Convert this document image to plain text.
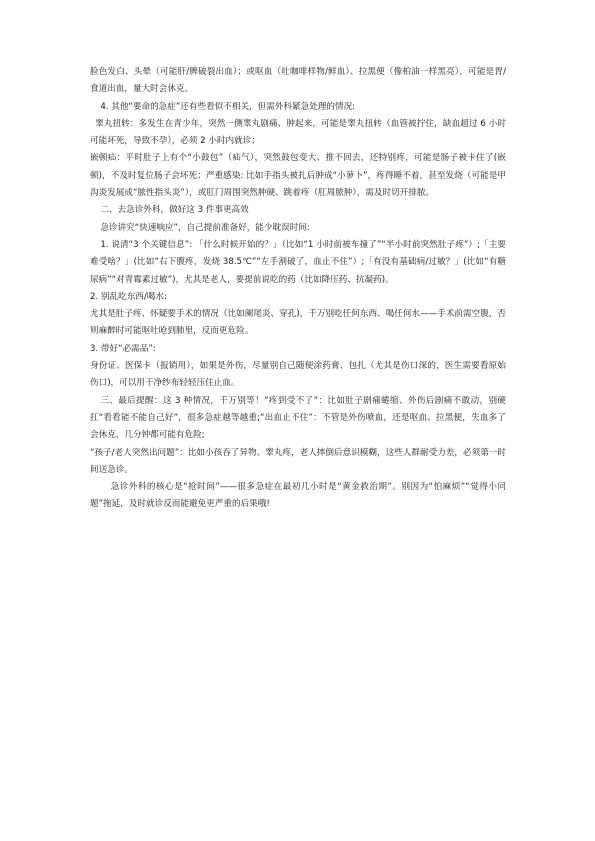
脸色发白、头晕（可能肝/脾破裂出血）；或呕血（吐咖啡样物/鲜血）、拉黑便（像柏油一样黑亮），可能是胃/食道出血，量大时会休克。

4. 其他“要命的急症”还有些看似不相关，但需外科紧急处理的情况:

睾丸扭转：多发生在青少年，突然一侧睾丸剧痛、肿起来，可能是睾丸扭转（血管被拧住，缺血超过 6 小时可能坏死，导致不孕），必须 2 小时内就诊；

嵌顿疝：平时肚子上有个“小鼓包”（疝气），突然鼓包变大、推不回去，还特别疼，可能是肠子被卡住了(嵌顿)，不及时复位肠子会坏死；严重感染: 比如手指头被扎后肿成“小萝卜”，疼得睡不着，甚至发烧（可能是甲沟炎发展成“脓性指头炎”），或肛门周围突然肿硬、跳着疼（肛周脓肿），需及时切开排脓。

二、去急诊外科，做好这 3 件事更高效

急诊讲究“快速响应”，自己提前准备好，能少耽误时间:

1. 说清“3 个关键信息”: 「什么时候开始的？」（比如“1 小时前被车撞了”“半小时前突然肚子疼”）;「主要难受啥？」(比如“右下腹疼，发烧 38.5℃”“左手割破了，血止不住”）;「有没有基础病/过敏？」(比如“有糖尿病”“对青霉素过敏”)，尤其是老人，要提前说吃的药（比如降压药、抗凝药)。

2. 别乱吃东西/喝水:

尤其是肚子疼、怀疑要手术的情况（比如阑尾炎、穿孔)，千万别吃任何东西、喝任何水——手术前需空腹，否则麻醉时可能呕吐呛到肺里，反而更危险。

3. 带好“必需品”:

身份证、医保卡（报销用），如果是外伤，尽量别自己随便涂药膏、包扎（尤其是伤口深的，医生需要看原始伤口)，可以用干净纱布轻轻压住止血。

三、最后提醒：这 3 种情况，千万别等！“疼到受不了”：比如肚子剧痛蜷缩、外伤后剧痛不敢动，别硬扛“看看能不能自己好”，很多急症越等越重;“出血止不住”：不管是外伤喷血，还是呕血、拉黑便，失血多了会休克，几分钟都可能有危险;

“孩子/老人突然出问题”：比如小孩吞了异物、睾丸疼，老人摔倒后意识模糊，这些人群耐受力差，必须第一时间送急诊。

急诊外科的核心是“抢时间”——很多急症在最初几小时是“黄金救治期”。别因为“怕麻烦”“觉得小问题”拖延，及时就诊反而能避免更严重的后果哦!
